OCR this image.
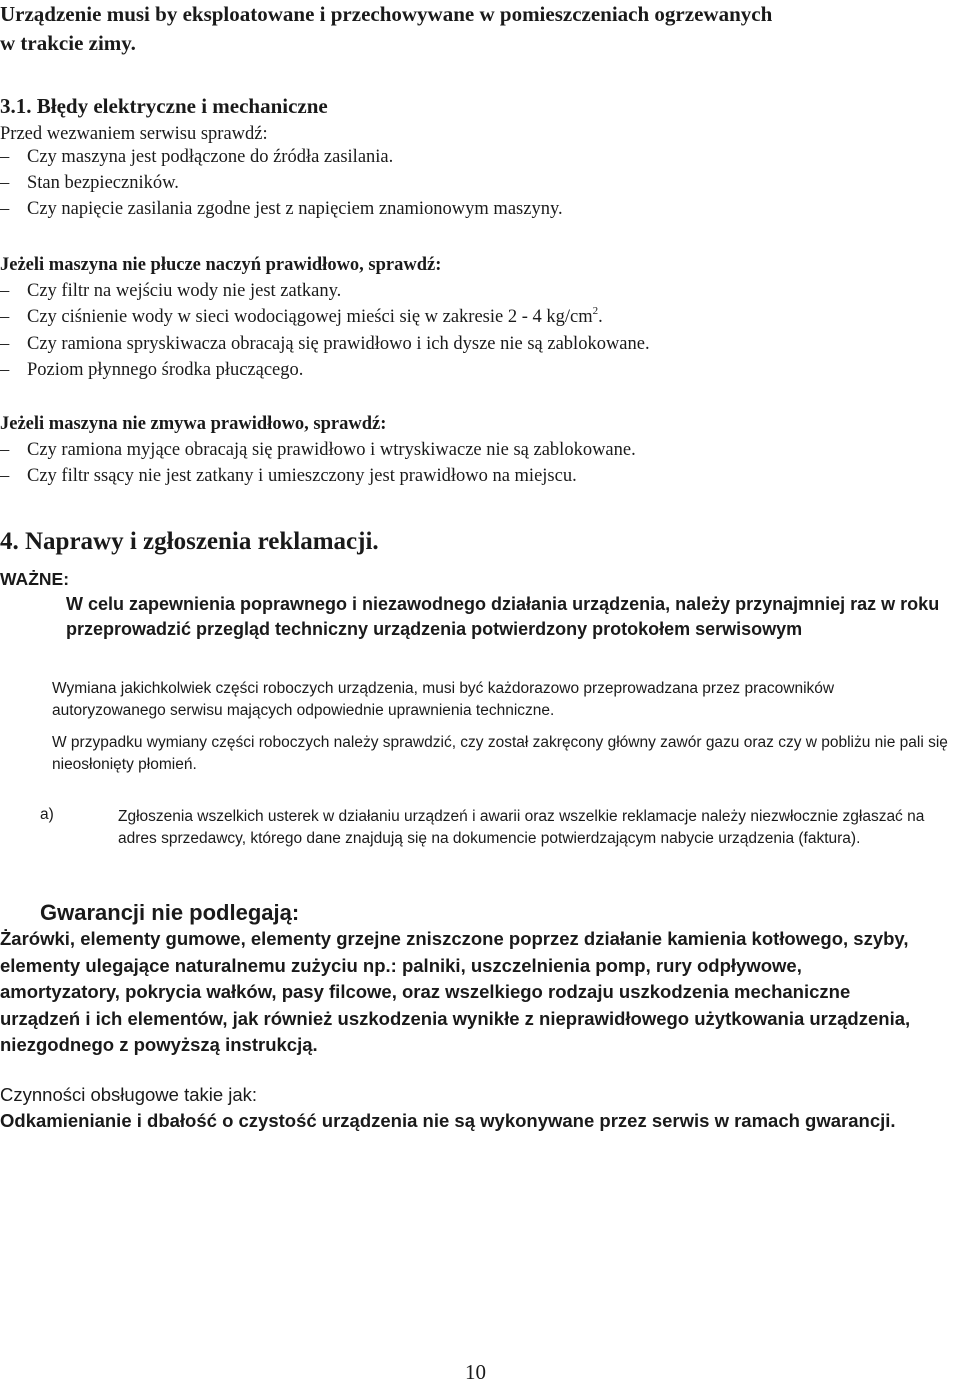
Urządzenie musi by eksploatowane i przechowywane w pomieszczeniach ogrzewanych
w trakcie zimy.
3.1. Błędy elektryczne i mechaniczne
Przed wezwaniem serwisu sprawdź:
– Czy maszyna jest podłączone do źródła zasilania.
– Stan bezpieczników.
– Czy napięcie zasilania zgodne jest z napięciem znamionowym maszyny.
Jeżeli maszyna nie płucze naczyń prawidłowo, sprawdź:
– Czy filtr na wejściu wody nie jest zatkany.
– Czy ciśnienie wody w sieci wodociągowej mieści się w zakresie 2 - 4 $kg/cm^2$.
– Czy ramiona spryskiwacza obracają się prawidłowo i ich dysze nie są zablokowane.
– Poziom płynnego środka płuczącego.
Jeżeli maszyna nie zmywa prawidłowo, sprawdź:
– Czy ramiona myjące obracają się prawidłowo i wtryskiwacze nie są zablokowane.
– Czy filtr ssący nie jest zatkany i umieszczony jest prawidłowo na miejscu.
4. Naprawy i zgłoszenia reklamacji.
WAŻNE:
W celu zapewnienia poprawnego i niezawodnego działania urządzenia, należy przynajmniej raz w roku przeprowadzić przegląd techniczny urządzenia potwierdzony protokołem serwisowym
Wymiana jakichkolwiek części roboczych urządzenia, musi być każdorazowo przeprowadzana przez pracowników autoryzowanego serwisu mających odpowiednie uprawnienia techniczne.
W przypadku wymiany części roboczych należy sprawdzić, czy został zakręcony główny zawór gazu oraz czy w pobliżu nie pali się nieosłonięty płomień.
a)	Zgłoszenia wszelkich usterek w działaniu urządzeń i awarii oraz wszelkie reklamacje należy niezwłocznie zgłaszać na adres sprzedawcy, którego dane znajdują się na dokumencie potwierdzającym nabycie urządzenia (faktura).
Gwarancji nie podlegają:
Żarówki, elementy gumowe, elementy grzejne zniszczone poprzez działanie kamienia kotłowego, szyby, elementy ulegające naturalnemu zużyciu np.: palniki, uszczelnienia pomp, rury odpływowe, amortyzatory, pokrycia wałków, pasy filcowe, oraz wszelkiego rodzaju uszkodzenia mechaniczne urządzeń i ich elementów, jak również uszkodzenia wynikłe z nieprawidłowego użytkowania urządzenia, niezgodnego z powyższą instrukcją.
Czynności obsługowe takie jak:
Odkamienianie i dbałość o czystość urządzenia nie są wykonywane przez serwis w ramach gwarancji.
10
